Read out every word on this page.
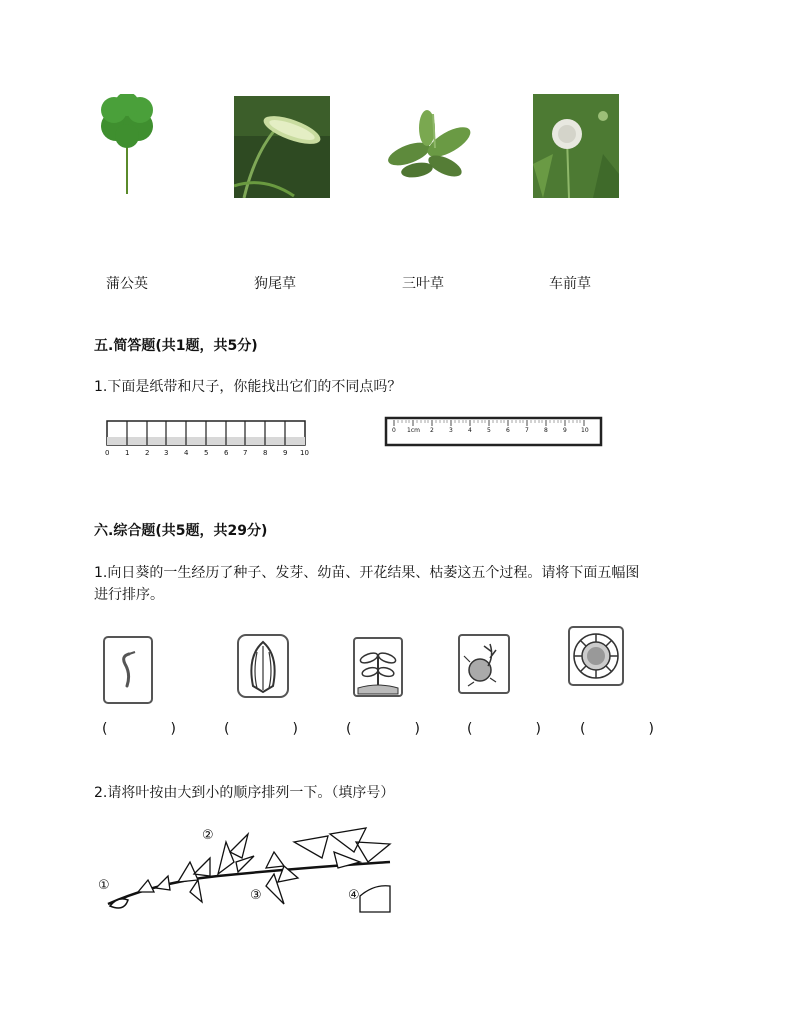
蒲公英	狗尾草	三叶草	车前草
五.简答题(共1题，共5分)
1.下面是纸带和尺子，你能找出它们的不同点吗？
0 1 2 3 4 5 6 7 8 9 10
0 1cm 2	3	4	5	6	7	8	9 10
六.综合题(共5题，共29分)
1.向日葵的一生经历了种子、发芽、幼苗、开花结果、枯萎这五个过程。请将下面五幅图
进行排序。
(	)	(	)	(	)	(	)	(	)
2.请将叶按由大到小的顺序排列一下。（填序号）
①
②
③	④
